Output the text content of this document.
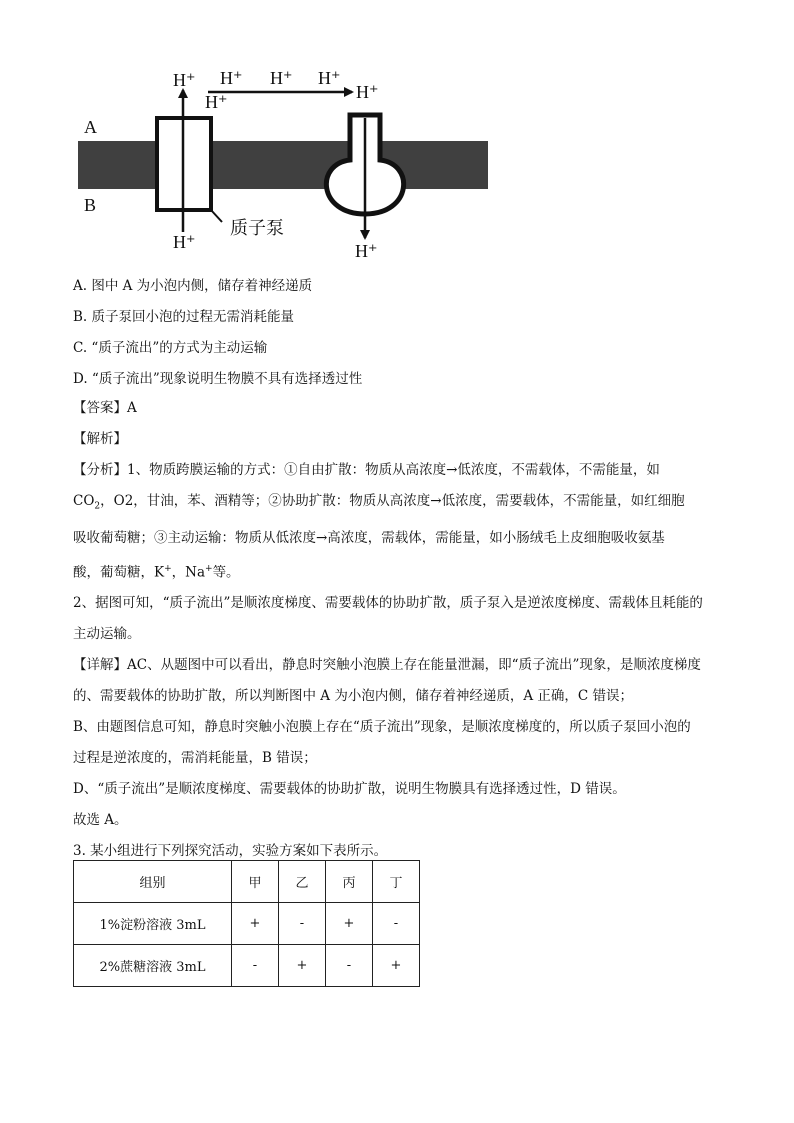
A
B
H⁺ H⁺ H⁺ H⁺
H⁺	H⁺
H⁺	H⁺
质子泵
A. 图中 A 为小泡内侧，储存着神经递质
B. 质子泵回小泡的过程无需消耗能量
C. “质子流出”的方式为主动运输
D. “质子流出”现象说明生物膜不具有选择透过性

【答案】A

【解析】

【分析】1、物质跨膜运输的方式：①自由扩散：物质从高浓度→低浓度，不需载体，不需能量，如

$CO_2$，O2，甘油，苯、酒精等；②协助扩散：物质从高浓度→低浓度，需要载体，不需能量，如红细胞

吸收葡萄糖；③主动运输：物质从低浓度→高浓度，需载体，需能量，如小肠绒毛上皮细胞吸收氨基

酸，葡萄糖，K+，Na+等。

2、据图可知，“质子流出”是顺浓度梯度、需要载体的协助扩散，质子泵入是逆浓度梯度、需载体且耗能的

主动运输。

【详解】AC、从题图中可以看出，静息时突触小泡膜上存在能量泄漏，即“质子流出”现象，是顺浓度梯度

的、需要载体的协助扩散，所以判断图中 A 为小泡内侧，储存着神经递质，A 正确，C 错误；

B、由题图信息可知，静息时突触小泡膜上存在“质子流出”现象，是顺浓度梯度的，所以质子泵回小泡的

过程是逆浓度的，需消耗能量，B 错误；

D、“质子流出”是顺浓度梯度、需要载体的协助扩散，说明生物膜具有选择透过性，D 错误。

故选 A。

3. 某小组进行下列探究活动，实验方案如下表所示。

组别	甲	乙	丙	丁
1%淀粉溶液 3mL	+	-	+	-
2%蔗糖溶液 3mL	-	+	-	+
